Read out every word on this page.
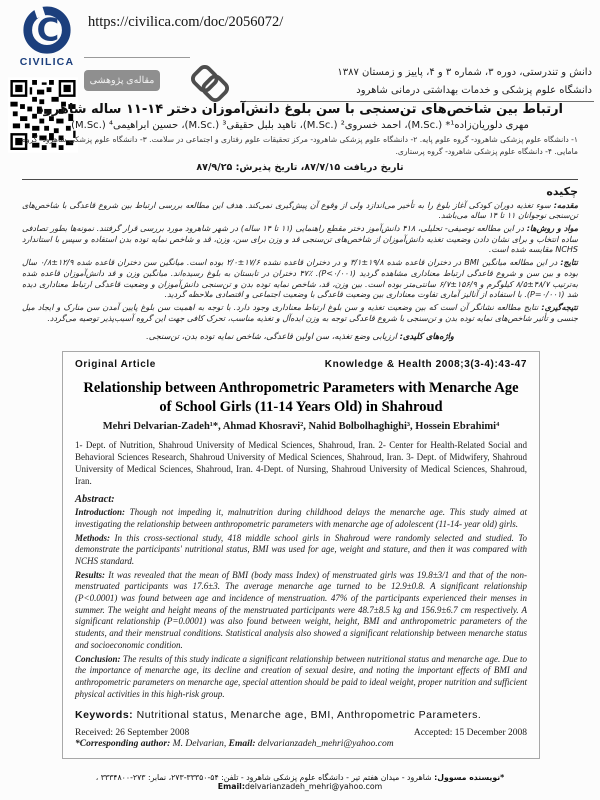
C
CIVILICA
https://civilica.com/doc/2056072/
مقاله‌ی پژوهشی
دانش و تندرستی، دوره ۳، شماره ۳ و ۴، پاییز و زمستان ۱۳۸۷
دانشگاه علوم پزشکی و خدمات بهداشتی درمانی شاهرود
ارتباط بین شاخص‌های تن‌سنجی با سن بلوغ دانش‌آموزان دختر ۱۴-۱۱ ساله شاهرود
مهری دلوریان‌زاده¹* (.M.Sc)، احمد خسروی² (.M.Sc)، ناهید بلبل حقیقی³ (.M.Sc)، حسین ابراهیمی⁴ (.M.Sc)
۱- دانشگاه علوم پزشکی شاهرود- گروه علوم پایه. ۲- دانشگاه علوم پزشکی شاهرود- مرکز تحقیقات علوم رفتاری و اجتماعی در سلامت. ۳- دانشگاه علوم پزشکی شاهرود- گروه مامایی. ۴- دانشگاه علوم پزشکی شاهرود- گروه پرستاری.
تاریخ دریافت ۸۷/۷/۱۵، تاریخ پذیرش: ۸۷/۹/۲۵
چکیده

مقدمه: سوء تغذیه دوران کودکی آغاز بلوغ را به تأخیر می‌اندازد ولی از وقوع آن پیش‌گیری نمی‌کند. هدف این مطالعه بررسی ارتباط بین شروع قاعدگی با شاخص‌های تن‌سنجی نوجوانان ۱۱ تا ۱۴ ساله می‌باشد.

مواد و روش‌ها: در این مطالعه توصیفی- تحلیلی، ۴۱۸ دانش‌آموز دختر مقطع راهنمایی (۱۱ تا ۱۴ ساله) در شهر شاهرود مورد بررسی قرار گرفتند. نمونه‌ها بطور تصادفی ساده انتخاب و برای نشان دادن وضعیت تغذیه دانش‌آموزان از شاخص‌های تن‌سنجی قد و وزن برای سن، وزن، قد و شاخص نمایه توده بدن استفاده و سپس با استاندارد NCHS مقایسه شده است.

نتایج: در این مطالعه میانگین BMI در دختران قاعده شده ۱۹/۸±۳/۱ و در دختران قاعده نشده ۱۷/۶±۲/۰ بوده است. میانگین سن دختران قاعده شده ۱۲/۹±۰/۸ سال بوده و بین سن و شروع قاعدگی ارتباط معناداری مشاهده گردید (P<۰/۰۰۱). ۴۷٪ دختران در تابستان به بلوغ رسیده‌اند. میانگین وزن و قد دانش‌آموزان قاعده شده به‌ترتیب ۴۸/۷±۸/۵ کیلوگرم و ۱۵۶/۹±۶/۷ سانتی‌متر بوده است. بین وزن، قد، شاخص نمایه توده بدن و تن‌سنجی دانش‌آموزان و وضعیت قاعدگی ارتباط معناداری دیده شد (P=۰/۰۰۱). با استفاده از آنالیز آماری تفاوت معناداری بین وضعیت قاعدگی با وضعیت اجتماعی و اقتصادی ملاحظه گردید.

نتیجه‌گیری: نتایج مطالعه نشانگر آن است که بین وضعیت تغذیه و سن بلوغ ارتباط معناداری وجود دارد. با توجه به اهمیت سن بلوغ پایین آمدن سن منارک و ایجاد میل جنسی و تأثیر شاخص‌های نمایه توده بدن و تن‌سنجی با شروع قاعدگی توجه به وزن ایده‌آل و تغذیه مناسب، تحرک کافی جهت این گروه آسیب‌پذیر توصیه می‌گردد.

واژه‌های کلیدی: ارزیابی وضع تغذیه، سن اولین قاعدگی، شاخص نمایه توده بدن، تن‌سنجی.
Original Article	Knowledge & Health 2008;3(3-4):43-47
Relationship between Anthropometric Parameters with Menarche Age of School Girls (11-14 Years Old) in Shahroud
Mehri Delvarian-Zadeh¹*, Ahmad Khosravi², Nahid Bolbolhaghighi³, Hossein Ebrahimi⁴
1- Dept. of Nutrition, Shahroud University of Medical Sciences, Shahroud, Iran. 2- Center for Health-Related Social and Behavioral Sciences Research, Shahroud University of Medical Sciences, Shahroud, Iran. 3- Dept. of Midwifery, Shahroud University of Medical Sciences, Shahroud, Iran. 4-Dept. of Nursing, Shahroud University of Medical Sciences, Shahroud, Iran.
Abstract:

Introduction: Though not impeding it, malnutrition during childhood delays the menarche age. This study aimed at investigating the relationship between anthropometric parameters with menarche age of adolescent (11-14- year old) girls.

Methods: In this cross-sectional study, 418 middle school girls in Shahroud were randomly selected and studied. To demonstrate the participants' nutritional status, BMI was used for age, weight and stature, and then it was compared with NCHS standard.

Results: It was revealed that the mean of BMI (body mass Index) of menstruated girls was 19.8±3/1 and that of the non-menstruated participants was 17.6±3. The average menarche age turned to be 12.9±0.8. A significant relationship (P<0.0001) was found between age and incidence of menstruation. 47% of the participants experienced their menses in summer. The weight and height means of the menstruated participants were 48.7±8.5 kg and 156.9±6.7 cm respectively. A significant relationship (P=0.0001) was also found between weight, height, BMI and anthropometric parameters of the students, and their menstrual conditions. Statistical analysis also showed a significant relationship between menarche status and socioeconomic condition.

Conclusion: The results of this study indicate a significant relationship between nutritional status and menarche age. Due to the importance of menarche age, its decline and creation of sexual desire, and noting the important effects of BMI and anthropometric parameters on menarche age, special attention should be paid to ideal weight, proper nutrition and sufficient physical activities in this high-risk group.

Keywords: Nutritional status, Menarche age, BMI, Anthropometric Parameters.
Received: 26 September 2008	Accepted: 15 December 2008
*Corresponding author: M. Delvarian, Email: delvarianzadeh_mehri@yahoo.com
*نویسنده مسوول: شاهرود - میدان هفتم تیر - دانشگاه علوم پزشکی شاهرود - تلفن: ۵۴-۳۳۳۵۰-۲۷۳، نمابر: ۲۷۳-۳۳۳۴۸۰۰ ، Email:delvarianzadeh_mehri@yahoo.com
